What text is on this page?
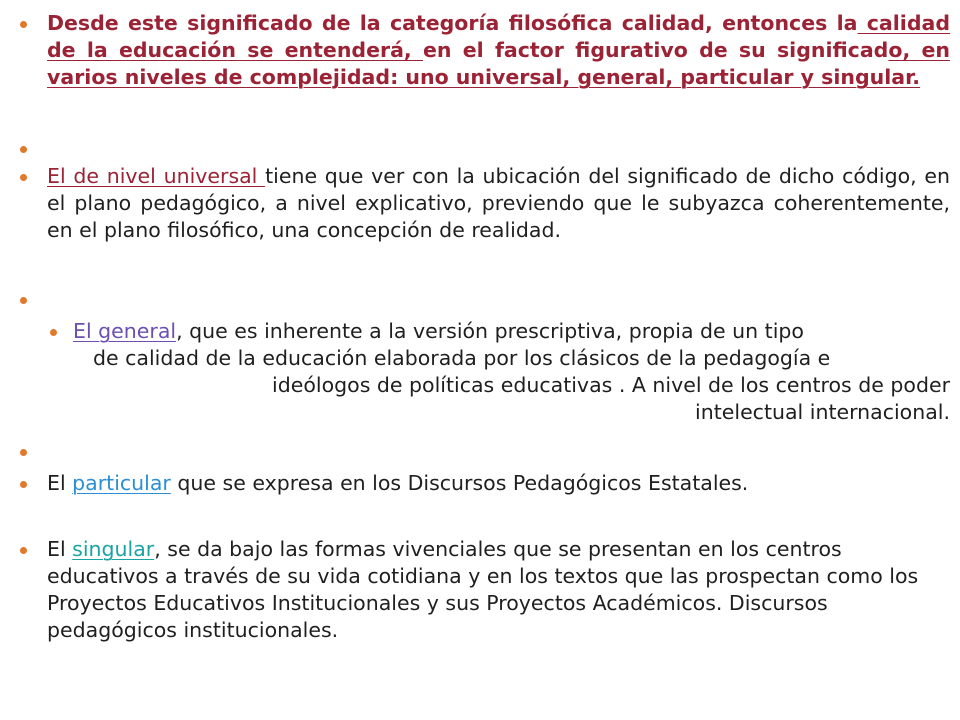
Desde este significado de la categoría filosófica calidad, entonces la calidad de la educación se entenderá, en el factor figurativo de su significado, en varios niveles de complejidad: uno universal, general, particular y singular.
El de nivel universal tiene que ver con la ubicación del significado de dicho código, en el plano pedagógico, a nivel explicativo, previendo que le subyazca coherentemente, en el plano filosófico, una concepción de realidad.
El general, que es inherente a la versión prescriptiva, propia de un tipo
de calidad de la educación elaborada por los clásicos de la pedagogía e
ideólogos de políticas educativas . A nivel de los centros de poder
intelectual internacional.
El particular que se expresa en los Discursos Pedagógicos Estatales.
El singular, se da bajo las formas vivenciales que se presentan en los centros educativos a través de su vida cotidiana y en los textos que las prospectan como los Proyectos Educativos Institucionales y sus Proyectos Académicos. Discursos pedagógicos institucionales.
